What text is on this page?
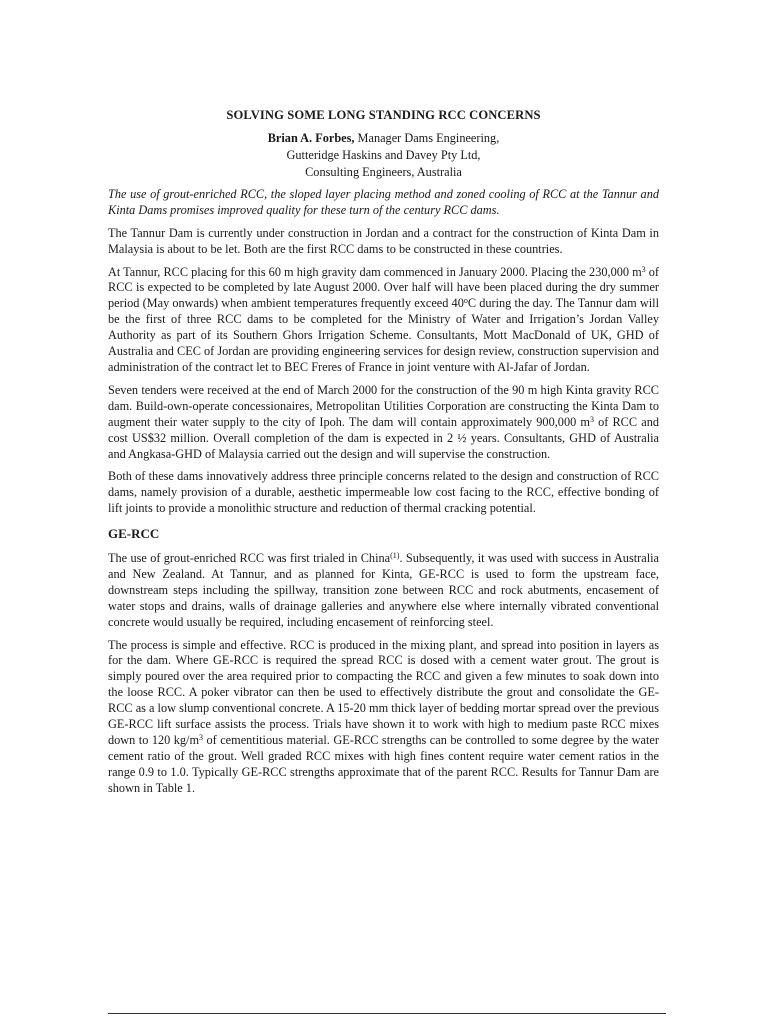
SOLVING SOME LONG STANDING RCC CONCERNS
Brian A. Forbes, Manager Dams Engineering,
Gutteridge Haskins and Davey Pty Ltd,
Consulting Engineers, Australia

The use of grout-enriched RCC, the sloped layer placing method and zoned cooling of RCC at the Tannur and Kinta Dams promises improved quality for these turn of the century RCC dams.

The Tannur Dam is currently under construction in Jordan and a contract for the construction of Kinta Dam in Malaysia is about to be let. Both are the first RCC dams to be constructed in these countries.

At Tannur, RCC placing for this 60 m high gravity dam commenced in January 2000. Placing the 230,000 $m^3$ of RCC is expected to be completed by late August 2000. Over half will have been placed during the dry summer period (May onwards) when ambient temperatures frequently exceed 40$^o$C during the day. The Tannur dam will be the first of three RCC dams to be completed for the Ministry of Water and Irrigation’s Jordan Valley Authority as part of its Southern Ghors Irrigation Scheme. Consultants, Mott MacDonald of UK, GHD of Australia and CEC of Jordan are providing engineering services for design review, construction supervision and administration of the contract let to BEC Freres of France in joint venture with Al-Jafar of Jordan.

Seven tenders were received at the end of March 2000 for the construction of the 90 m high Kinta gravity RCC dam. Build-own-operate concessionaires, Metropolitan Utilities Corporation are constructing the Kinta Dam to augment their water supply to the city of Ipoh. The dam will contain approximately 900,000 $m^3$ of RCC and cost US$32 million. Overall completion of the dam is expected in 2 ½ years. Consultants, GHD of Australia and Angkasa-GHD of Malaysia carried out the design and will supervise the construction.

Both of these dams innovatively address three principle concerns related to the design and construction of RCC dams, namely provision of a durable, aesthetic impermeable low cost facing to the RCC, effective bonding of lift joints to provide a monolithic structure and reduction of thermal cracking potential.

GE-RCC

The use of grout-enriched RCC was first trialed in China$^{(1)}$. Subsequently, it was used with success in Australia and New Zealand. At Tannur, and as planned for Kinta, GE-RCC is used to form the upstream face, downstream steps including the spillway, transition zone between RCC and rock abutments, encasement of water stops and drains, walls of drainage galleries and anywhere else where internally vibrated conventional concrete would usually be required, including encasement of reinforcing steel.

The process is simple and effective. RCC is produced in the mixing plant, and spread into position in layers as for the dam. Where GE-RCC is required the spread RCC is dosed with a cement water grout. The grout is simply poured over the area required prior to compacting the RCC and given a few minutes to soak down into the loose RCC. A poker vibrator can then be used to effectively distribute the grout and consolidate the GE-RCC as a low slump conventional concrete. A 15-20 mm thick layer of bedding mortar spread over the previous GE-RCC lift surface assists the process. Trials have shown it to work with high to medium paste RCC mixes down to 120 $kg/m^3$ of cementitious material. GE-RCC strengths can be controlled to some degree by the water cement ratio of the grout. Well graded RCC mixes with high fines content require water cement ratios in the range 0.9 to 1.0. Typically GE-RCC strengths approximate that of the parent RCC. Results for Tannur Dam are shown in Table 1.
